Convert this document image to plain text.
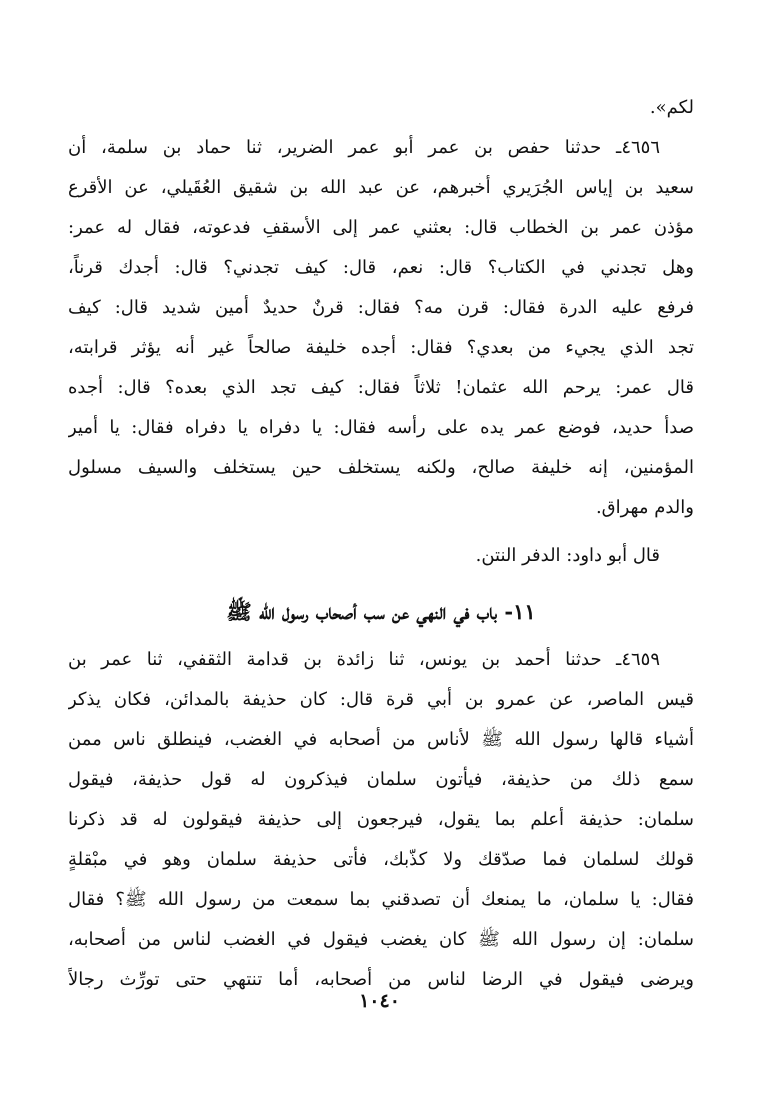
لكم».
٤٦٥٦ـ حدثنا حفص بن عمر أبو عمر الضرير، ثنا حماد بن سلمة، أن
سعيد بن إياس الجُرَيري أخبرهم، عن عبد الله بن شقيق العُقَيلي، عن الأقرع
مؤذن عمر بن الخطاب قال: بعثني عمر إلى الأسقفِ فدعوته، فقال له عمر:
وهل تجدني في الكتاب؟ قال: نعم، قال: كيف تجدني؟ قال: أجدك قرناً،
فرفع عليه الدرة فقال: قرن مه؟ فقال: قرنٌ حديدٌ أمين شديد قال: كيف
تجد الذي يجيء من بعدي؟ فقال: أجده خليفة صالحاً غير أنه يؤثر قرابته،
قال عمر: يرحم الله عثمان! ثلاثاً فقال: كيف تجد الذي بعده؟ قال: أجده
صدأ حديد، فوضع عمر يده على رأسه فقال: يا دفراه يا دفراه فقال: يا أمير
المؤمنين، إنه خليفة صالح، ولكنه يستخلف حين يستخلف والسيف مسلول
والدم مهراق.
قال أبو داود: الدفر النتن.
١١- باب في النهي عن سب أصحاب رسول الله ﷺ
٤٦٥٩ـ حدثنا أحمد بن يونس، ثنا زائدة بن قدامة الثقفي، ثنا عمر بن
قيس الماصر، عن عمرو بن أبي قرة قال: كان حذيفة بالمدائن، فكان يذكر
أشياء قالها رسول الله ﷺ لأناس من أصحابه في الغضب، فينطلق ناس ممن
سمع ذلك من حذيفة، فيأتون سلمان فيذكرون له قول حذيفة، فيقول
سلمان: حذيفة أعلم بما يقول، فيرجعون إلى حذيفة فيقولون له قد ذكرنا
قولك لسلمان فما صدّقك ولا كذّبك، فأتى حذيفة سلمان وهو في مبْقلةٍ
فقال: يا سلمان، ما يمنعك أن تصدقني بما سمعت من رسول الله ﷺ؟ فقال
سلمان: إن رسول الله ﷺ كان يغضب فيقول في الغضب لناس من أصحابه،
ويرضى فيقول في الرضا لناس من أصحابه، أما تنتهي حتى تورِّث رجالاً
١٠٤٠
